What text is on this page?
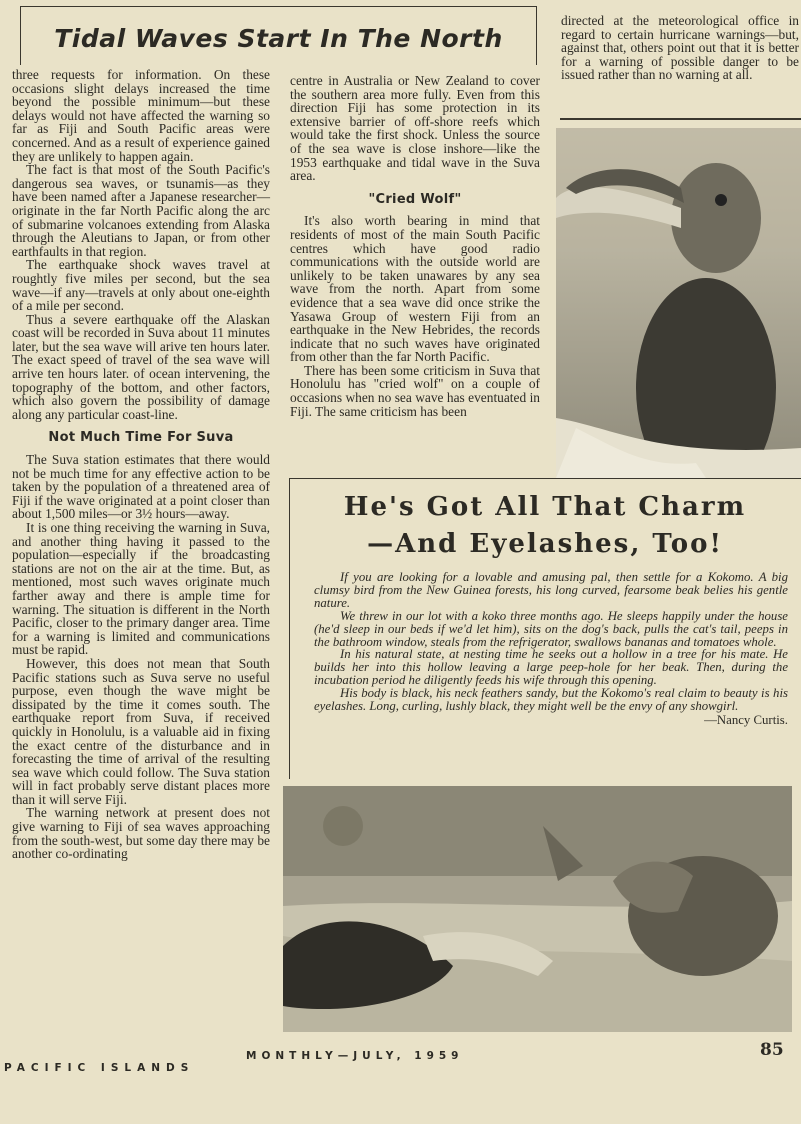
Tidal Waves Start In The North

three requests for information. On these occasions slight delays increased the time beyond the possible minimum—but these delays would not have affected the warning so far as Fiji and South Pacific areas were concerned. And as a result of experience gained they are unlikely to happen again.

The fact is that most of the South Pacific's dangerous sea waves, or tsunamis—as they have been named after a Japanese researcher—originate in the far North Pacific along the arc of submarine volcanoes extending from Alaska through the Aleutians to Japan, or from other earthfaults in that region.

The earthquake shock waves travel at roughtly five miles per second, but the sea wave—if any—travels at only about one-eighth of a mile per second.

Thus a severe earthquake off the Alaskan coast will be recorded in Suva about 11 minutes later, but the sea wave will arive ten hours later. The exact speed of travel of the sea wave will arrive ten hours later. of ocean intervening, the topography of the bottom, and other factors, which also govern the possibility of damage along any particular coast-line.

Not Much Time For Suva

The Suva station estimates that there would not be much time for any effective action to be taken by the population of a threatened area of Fiji if the wave originated at a point closer than about 1,500 miles—or 3½ hours—away.

It is one thing receiving the warning in Suva, and another thing having it passed to the population—especially if the broadcasting stations are not on the air at the time. But, as mentioned, most such waves originate much farther away and there is ample time for warning. The situation is different in the North Pacific, closer to the primary danger area. Time for a warning is limited and communications must be rapid.

However, this does not mean that South Pacific stations such as Suva serve no useful purpose, even though the wave might be dissipated by the time it comes south. The earthquake report from Suva, if received quickly in Honolulu, is a valuable aid in fixing the exact centre of the disturbance and in forecasting the time of arrival of the resulting sea wave which could follow. The Suva station will in fact probably serve distant places more than it will serve Fiji.

The warning network at present does not give warning to Fiji of sea waves approaching from the south-west, but some day there may be another co-ordinating

centre in Australia or New Zealand to cover the southern area more fully. Even from this direction Fiji has some protection in its extensive barrier of off-shore reefs which would take the first shock. Unless the source of the sea wave is close inshore—like the 1953 earthquake and tidal wave in the Suva area.

"Cried Wolf"

It's also worth bearing in mind that residents of most of the main South Pacific centres which have good radio communications with the outside world are unlikely to be taken unawares by any sea wave from the north. Apart from some evidence that a sea wave did once strike the Yasawa Group of western Fiji from an earthquake in the New Hebrides, the records indicate that no such waves have originated from other than the far North Pacific.

There has been some criticism in Suva that Honolulu has "cried wolf" on a couple of occasions when no sea wave has eventuated in Fiji. The same criticism has been

directed at the meteorological office in regard to certain hurricane warnings—but, against that, others point out that it is better for a warning of possible danger to be issued rather than no warning at all.

He's Got All That Charm
—And Eyelashes, Too!

If you are looking for a lovable and amusing pal, then settle for a Kokomo. A big clumsy bird from the New Guinea forests, his long curved, fearsome beak belies his gentle nature.

We threw in our lot with a koko three months ago. He sleeps happily under the house (he'd sleep in our beds if we'd let him), sits on the dog's back, pulls the cat's tail, peeps in the bathroom window, steals from the refrigerator, swallows bananas and tomatoes whole.

In his natural state, at nesting time he seeks out a hollow in a tree for his mate. He builds her into this hollow leaving a large peep-hole for her beak. Then, during the incubation period he diligently feeds his wife through this opening.

His body is black, his neck feathers sandy, but the Kokomo's real claim to beauty is his eyelashes. Long, curling, lushly black, they might well be the envy of any showgirl.

—Nancy Curtis.
PACIFIC ISLANDS
MONTHLY—JULY, 1959	85
